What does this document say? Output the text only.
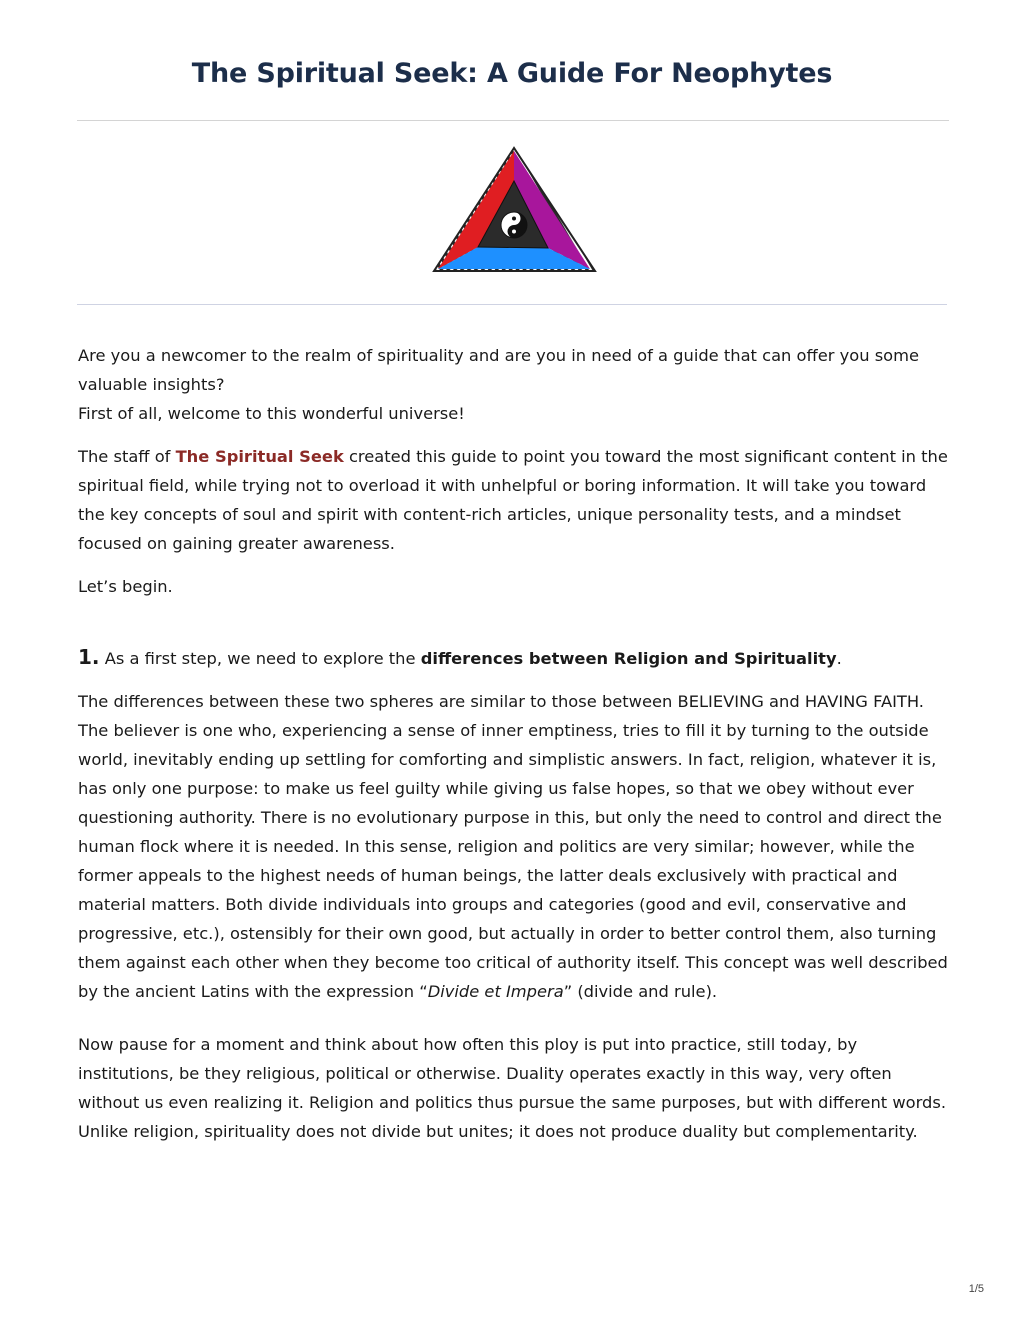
The Spiritual Seek: A Guide For Neophytes

Are you a newcomer to the realm of spirituality and are you in need of a guide that can offer you some valuable insights?
First of all, welcome to this wonderful universe!

The staff of The Spiritual Seek created this guide to point you toward the most significant content in the spiritual field, while trying not to overload it with unhelpful or boring information. It will take you toward the key concepts of soul and spirit with content-rich articles, unique personality tests, and a mindset focused on gaining greater awareness.

Let’s begin.

1. As a first step, we need to explore the differences between Religion and Spirituality.

The differences between these two spheres are similar to those between BELIEVING and HAVING FAITH. The believer is one who, experiencing a sense of inner emptiness, tries to fill it by turning to the outside world, inevitably ending up settling for comforting and simplistic answers. In fact, religion, whatever it is, has only one purpose: to make us feel guilty while giving us false hopes, so that we obey without ever questioning authority. There is no evolutionary purpose in this, but only the need to control and direct the human flock where it is needed. In this sense, religion and politics are very similar; however, while the former appeals to the highest needs of human beings, the latter deals exclusively with practical and material matters. Both divide individuals into groups and categories (good and evil, conservative and progressive, etc.), ostensibly for their own good, but actually in order to better control them, also turning them against each other when they become too critical of authority itself. This concept was well described by the ancient Latins with the expression “Divide et Impera” (divide and rule).

Now pause for a moment and think about how often this ploy is put into practice, still today, by institutions, be they religious, political or otherwise. Duality operates exactly in this way, very often without us even realizing it. Religion and politics thus pursue the same purposes, but with different words. Unlike religion, spirituality does not divide but unites; it does not produce duality but complementarity.

1/5
